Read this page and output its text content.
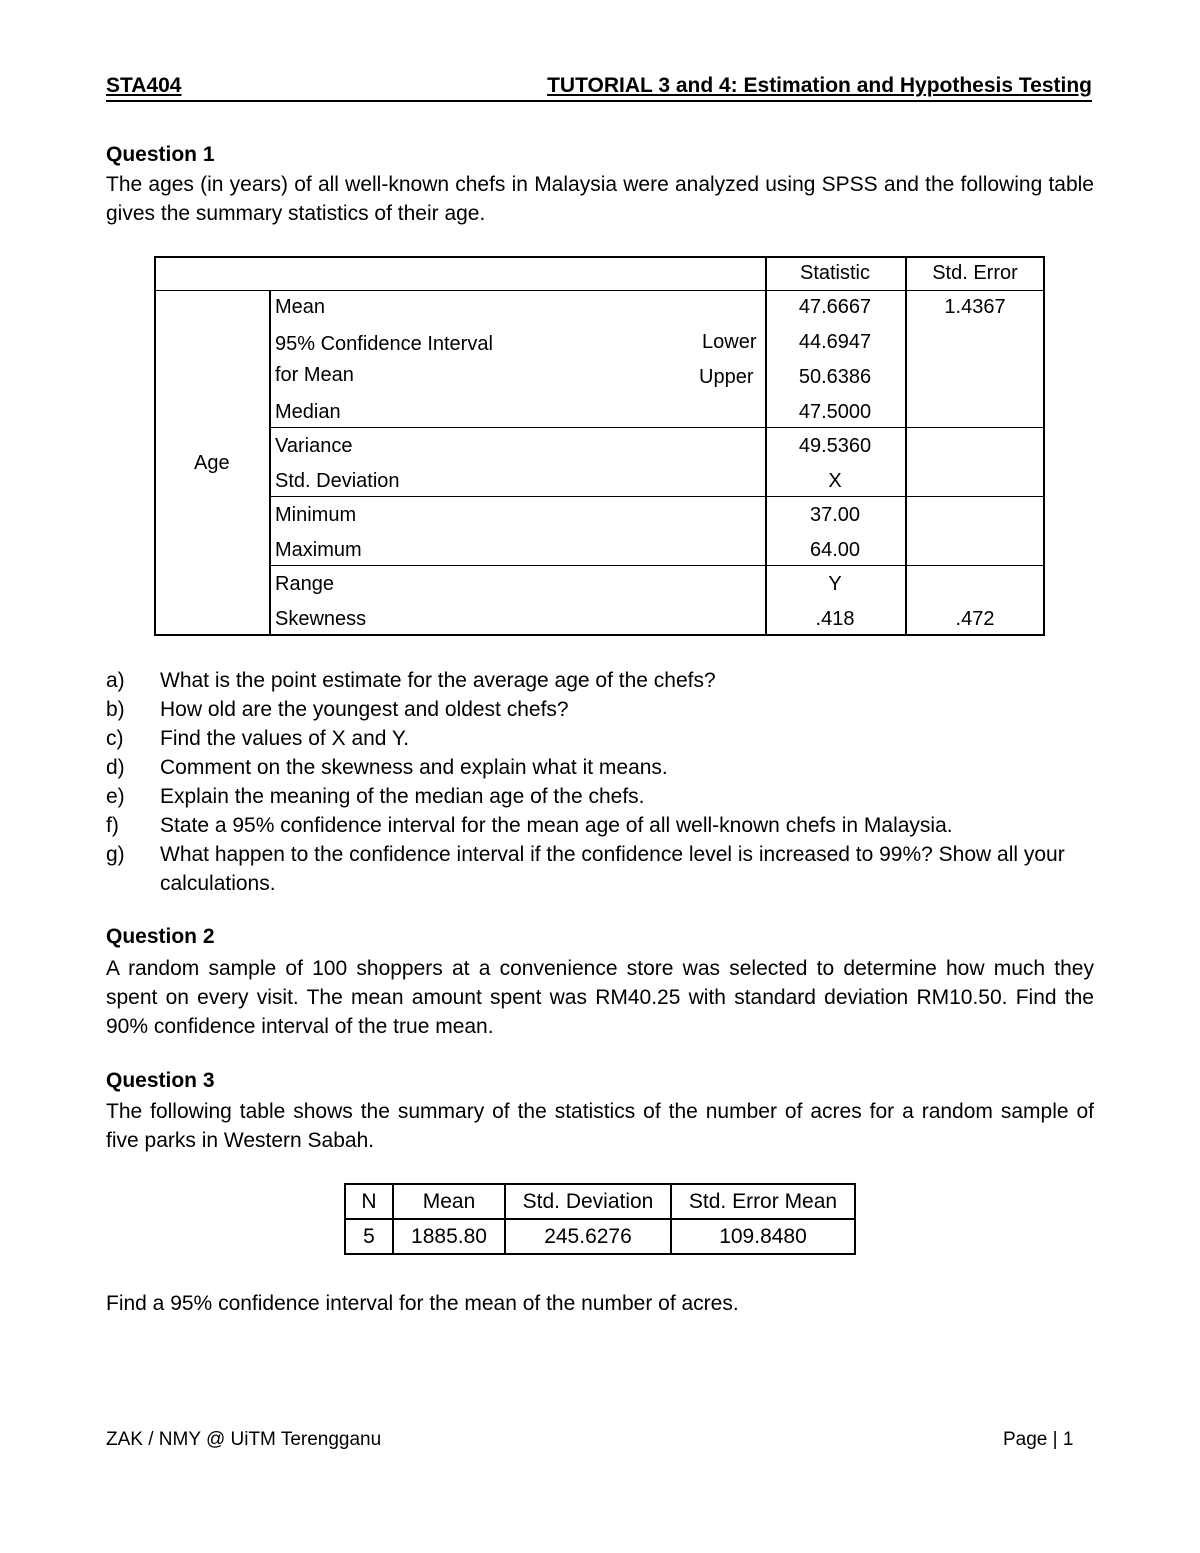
STA404	TUTORIAL 3 and 4: Estimation and Hypothesis Testing
Question 1
The ages (in years) of all well-known chefs in Malaysia were analyzed using SPSS and the following table gives the summary statistics of their age.
Statistic	Std. Error
Age
Mean	47.6667	1.4367
95% Confidence Interval	Lower	44.6947
for Mean	Upper	50.6386
Median	47.5000
Variance	49.5360
Std. Deviation	X
Minimum	37.00
Maximum	64.00
Range	Y
Skewness	.418	.472
a) What is the point estimate for the average age of the chefs?
b) How old are the youngest and oldest chefs?
c) Find the values of X and Y.
d) Comment on the skewness and explain what it means.
e) Explain the meaning of the median age of the chefs.
f) State a 95% confidence interval for the mean age of all well-known chefs in Malaysia.
g) What happen to the confidence interval if the confidence level is increased to 99%? Show all your calculations.
Question 2
A random sample of 100 shoppers at a convenience store was selected to determine how much they spent on every visit. The mean amount spent was RM40.25 with standard deviation RM10.50. Find the 90% confidence interval of the true mean.
Question 3
The following table shows the summary of the statistics of the number of acres for a random sample of five parks in Western Sabah.
N	Mean	Std. Deviation	Std. Error Mean
5	1885.80	245.6276	109.8480
Find a 95% confidence interval for the mean of the number of acres.
ZAK / NMY @ UiTM Terengganu	Page | 1
